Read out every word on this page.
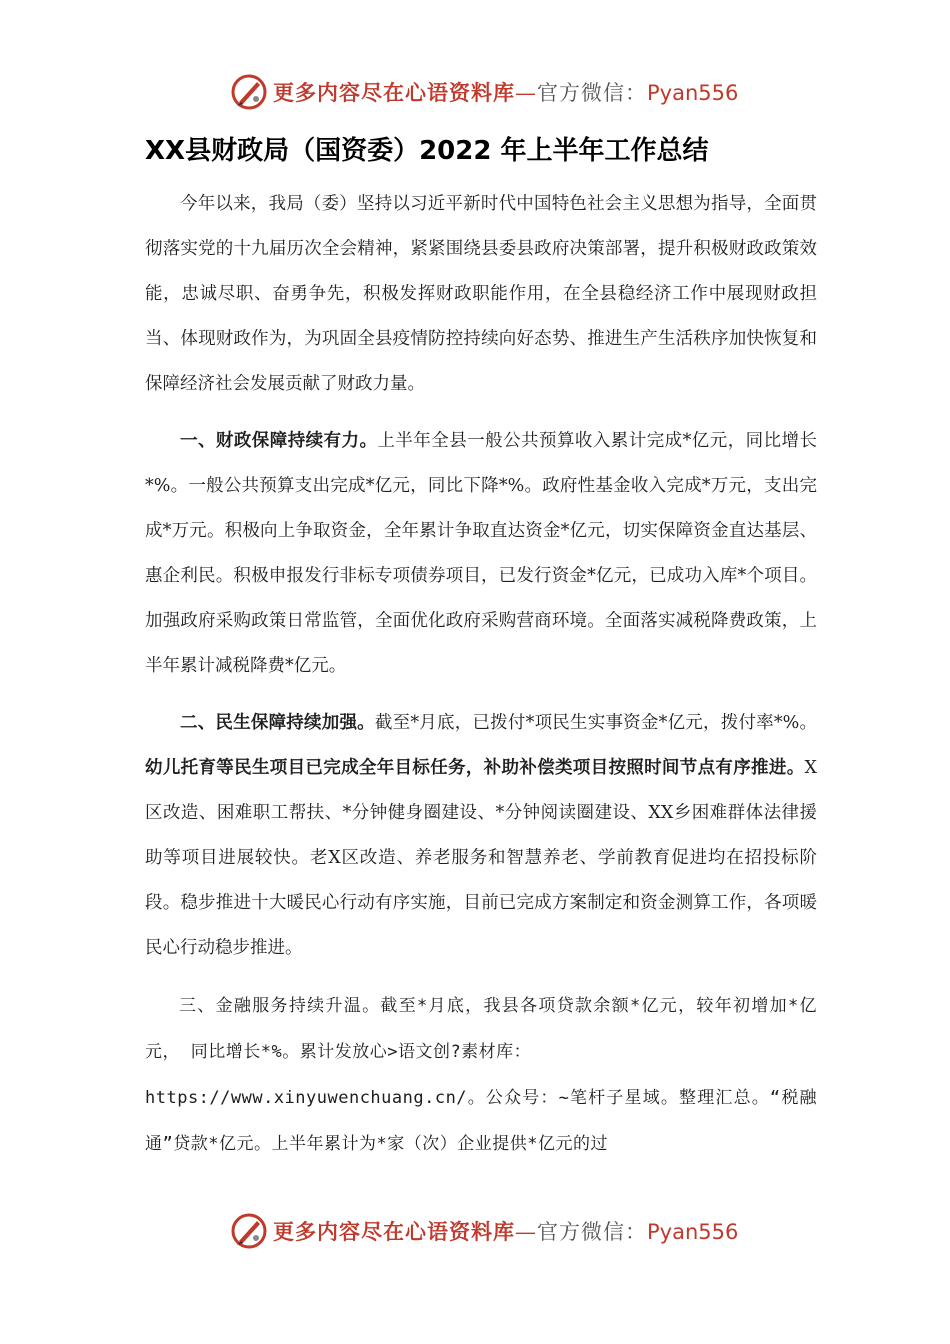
更多内容尽在心语资料库—官方微信：Pyan556
XX县财政局（国资委）2022 年上半年工作总结

今年以来，我局（委）坚持以习近平新时代中国特色社会主义思想为指导，全面贯彻落实党的十九届历次全会精神，紧紧围绕县委县政府决策部署，提升积极财政政策效能，忠诚尽职、奋勇争先，积极发挥财政职能作用，在全县稳经济工作中展现财政担当、体现财政作为，为巩固全县疫情防控持续向好态势、推进生产生活秩序加快恢复和保障经济社会发展贡献了财政力量。

一、财政保障持续有力。上半年全县一般公共预算收入累计完成*亿元，同比增长*%。一般公共预算支出完成*亿元，同比下降*%。政府性基金收入完成*万元，支出完成*万元。积极向上争取资金，全年累计争取直达资金*亿元，切实保障资金直达基层、惠企利民。积极申报发行非标专项债券项目，已发行资金*亿元，已成功入库*个项目。加强政府采购政策日常监管，全面优化政府采购营商环境。全面落实减税降费政策，上半年累计减税降费*亿元。

二、民生保障持续加强。截至*月底，已拨付*项民生实事资金*亿元，拨付率*%。幼儿托育等民生项目已完成全年目标任务，补助补偿类项目按照时间节点有序推进。X区改造、困难职工帮扶、*分钟健身圈建设、*分钟阅读圈建设、XX乡困难群体法律援助等项目进展较快。老X区改造、养老服务和智慧养老、学前教育促进均在招投标阶段。稳步推进十大暖民心行动有序实施，目前已完成方案制定和资金测算工作，各项暖民心行动稳步推进。

三、金融服务持续升温。截至*月底，我县各项贷款余额*亿元，较年初增加*亿元， 同比增长*%。累计发放心>语文创?素材库：
https://www.xinyuwenchuang.cn/。公众号：~笔杆子星域。整理汇总。“税融通”贷款*亿元。上半年累计为*家（次）企业提供*亿元的过

更多内容尽在心语资料库—官方微信：Pyan556
